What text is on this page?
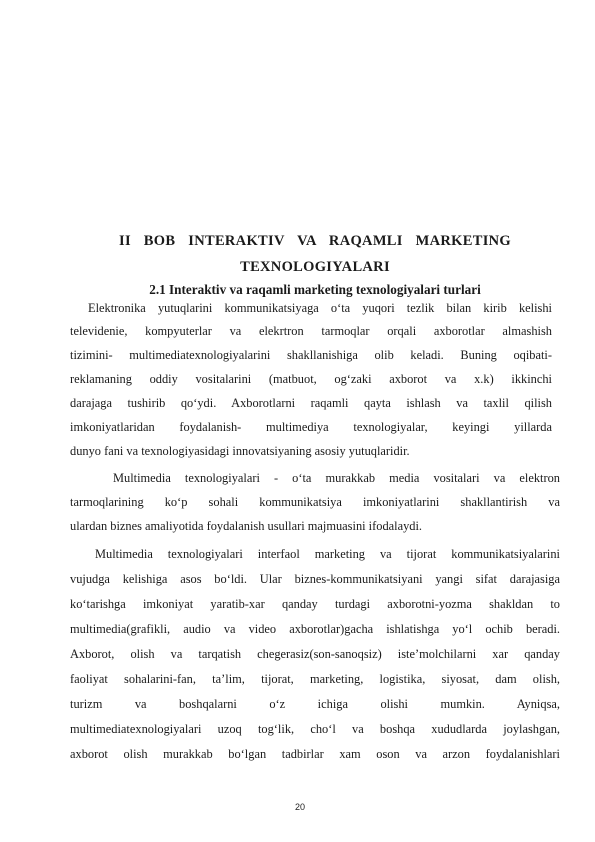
II BOB INTERAKTIV VA RAQAMLI MARKETING
TEXNOLOGIYALARI
2.1 Interaktiv va raqamli marketing texnologiyalari turlari
Elektronika yutuqlarini kommunikatsiyaga o‘ta yuqori tezlik bilan kirib kelishi
televidenie, kompyuterlar va elekrtron tarmoqlar orqali axborotlar almashish
tizimini- multimediatexnologiyalarini shakllanishiga olib keladi. Buning oqibati-
reklamaning oddiy vositalarini (matbuot, og‘zaki axborot va x.k) ikkinchi
darajaga tushirib qo‘ydi. Axborotlarni raqamli qayta ishlash va taxlil qilish
imkoniyatlaridan foydalanish- multimediya texnologiyalar, keyingi yillarda
dunyo fani va texnologiyasidagi innovatsiyaning asosiy yutuqlaridir.
Multimedia texnologiyalari - o‘ta murakkab media vositalari va elektron
tarmoqlarining ko‘p sohali kommunikatsiya imkoniyatlarini shakllantirish va
ulardan biznes amaliyotida foydalanish usullari majmuasini ifodalaydi.
Multimedia texnologiyalari interfaol marketing va tijorat kommunikatsiyalarini
vujudga kelishiga asos bo‘ldi. Ular biznes-kommunikatsiyani yangi sifat darajasiga
ko‘tarishga imkoniyat yaratib-xar qanday turdagi axborotni-yozma shakldan to
multimedia(grafikli, audio va video axborotlar)gacha ishlatishga yo‘l ochib beradi.
Axborot, olish va tarqatish chegerasiz(son-sanoqsiz) iste’molchilarni xar qanday
faoliyat sohalarini-fan, ta’lim, tijorat, marketing, logistika, siyosat, dam olish,
turizm va boshqalarni o‘z ichiga olishi mumkin. Ayniqsa,
multimediatexnologiyalari uzoq tog‘lik, cho‘l va boshqa xududlarda joylashgan,
axborot olish murakkab bo‘lgan tadbirlar xam oson va arzon foydalanishlari
20
